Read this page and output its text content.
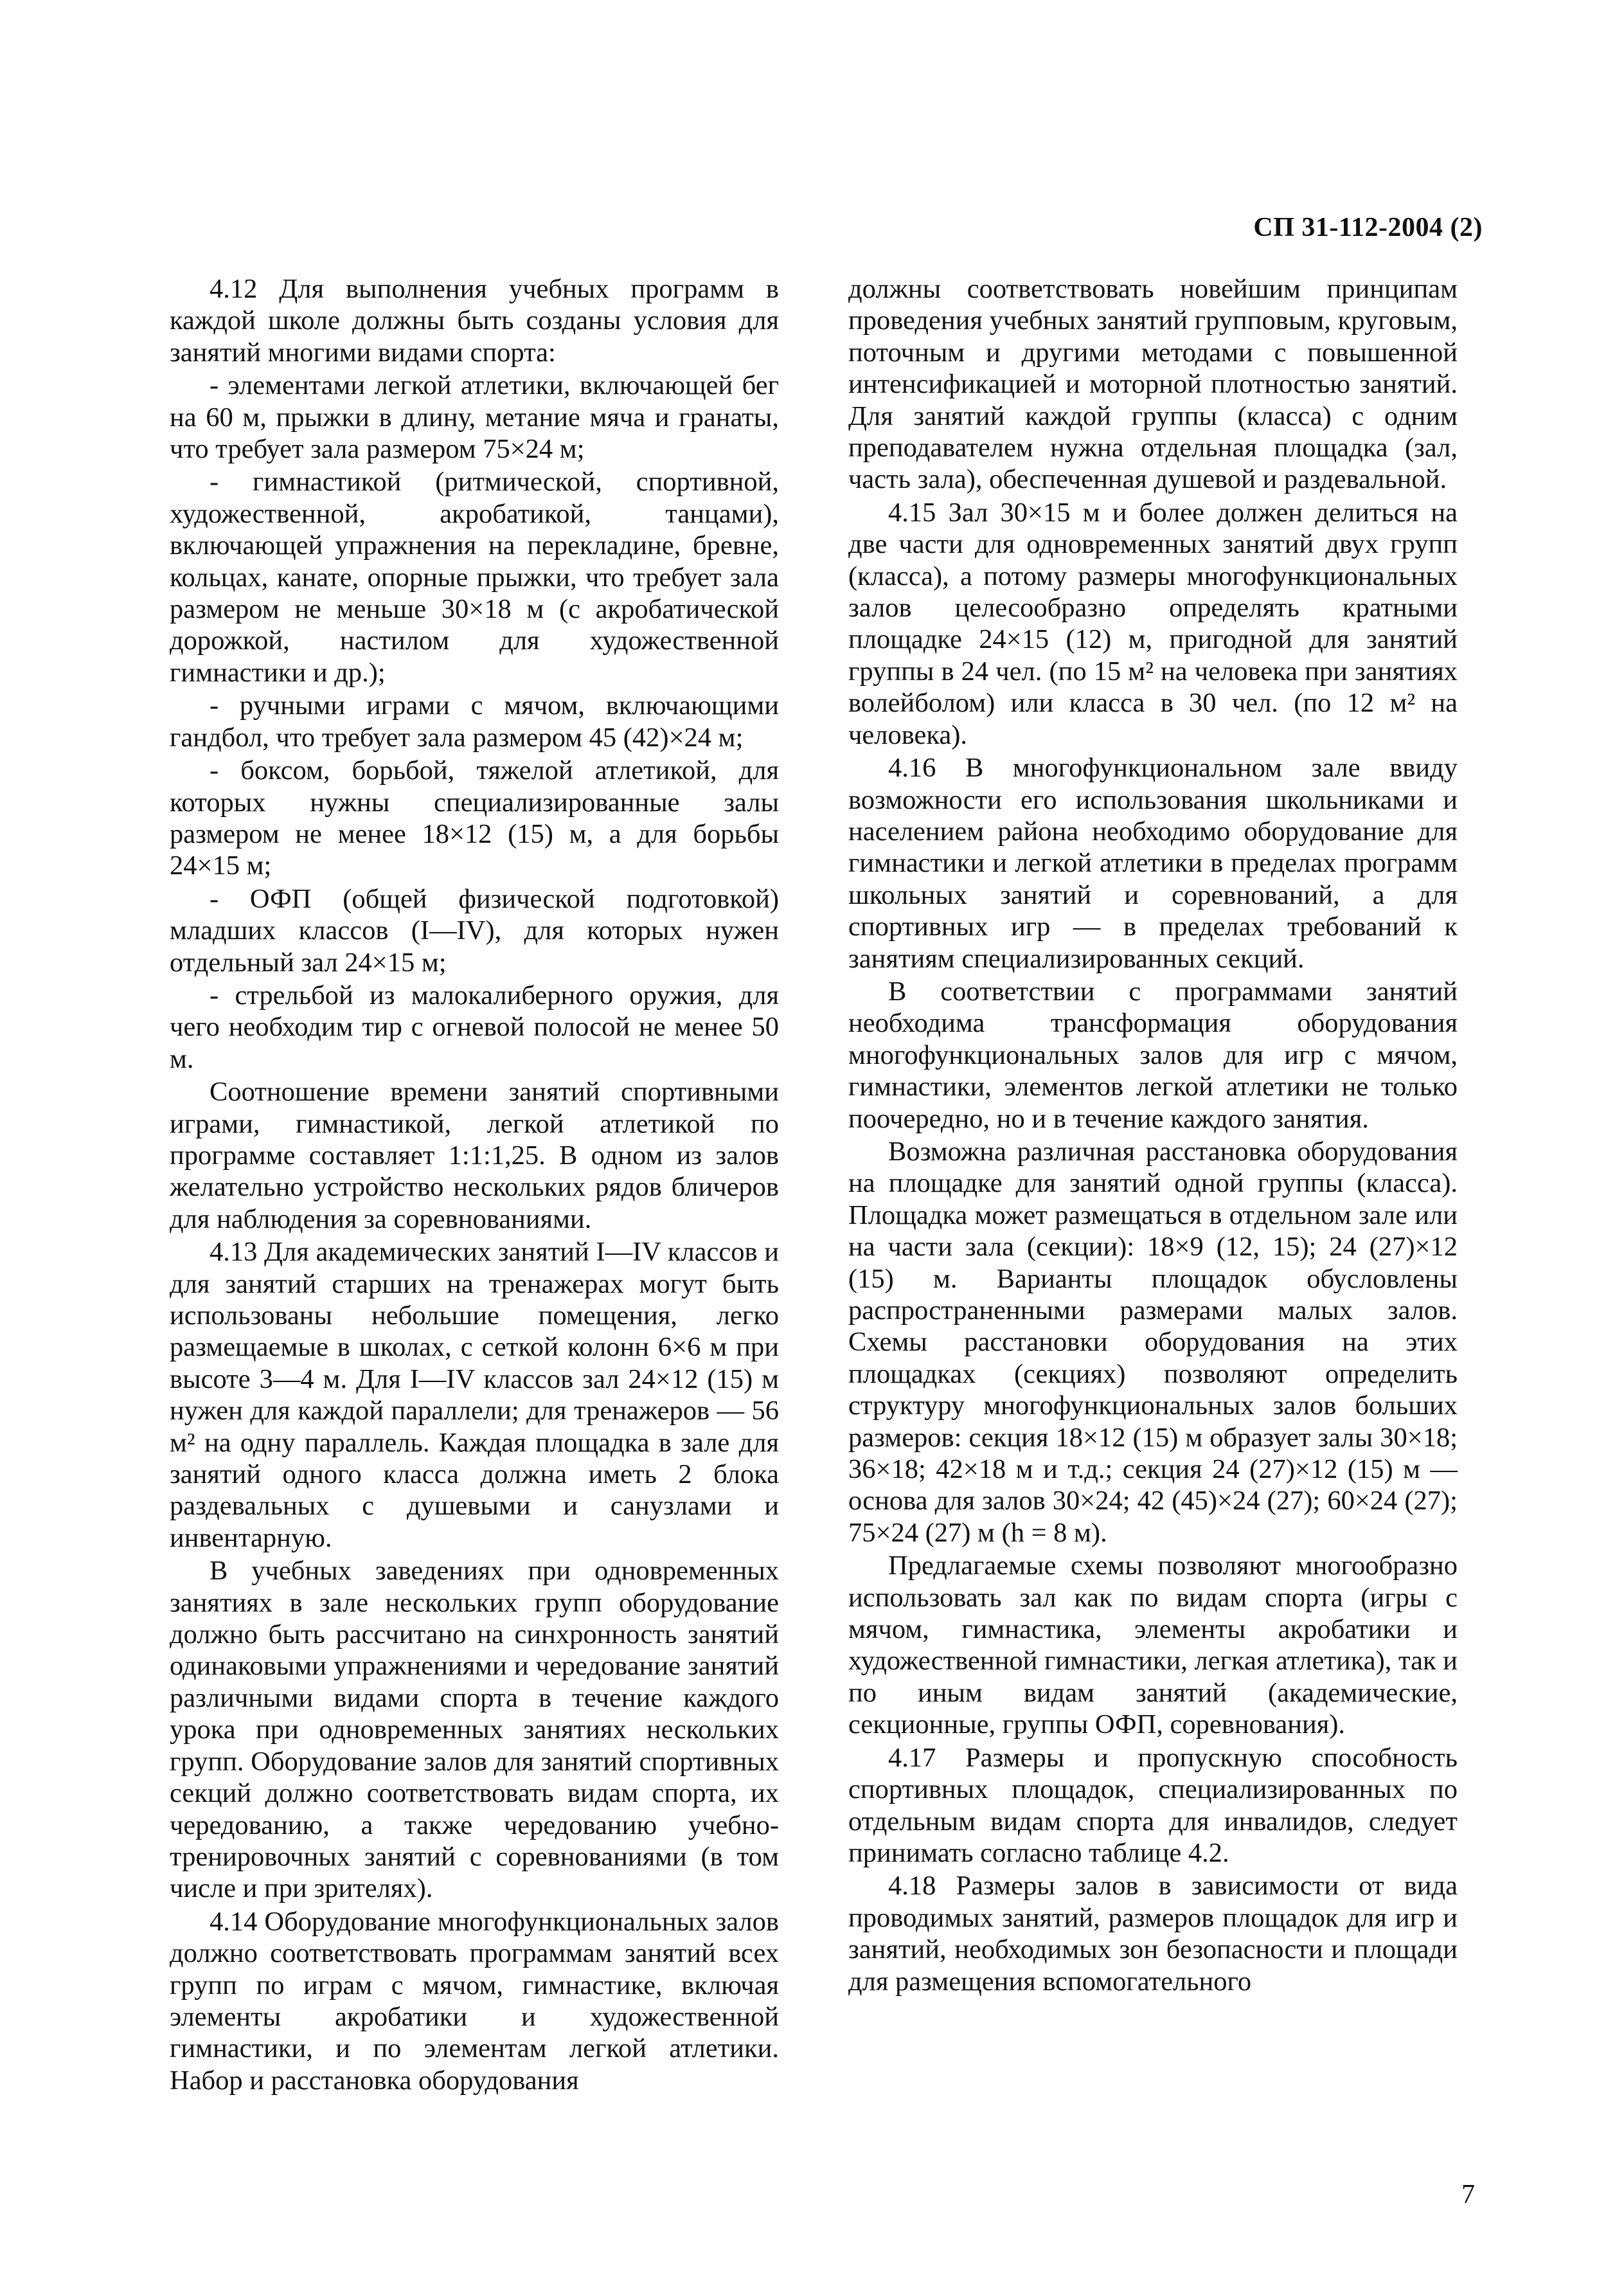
СП 31-112-2004 (2)

4.12 Для выполнения учебных программ в каждой школе должны быть созданы условия для занятий многими видами спорта:

- элементами легкой атлетики, включающей бег на 60 м, прыжки в длину, метание мяча и гранаты, что требует зала размером 75×24 м;

- гимнастикой (ритмической, спортивной, художественной, акробатикой, танцами), включающей упражнения на перекладине, бревне, кольцах, канате, опорные прыжки, что требует зала размером не меньше 30×18 м (с акробатической дорожкой, настилом для художественной гимнастики и др.);

- ручными играми с мячом, включающими гандбол, что требует зала размером 45 (42)×24 м;

- боксом, борьбой, тяжелой атлетикой, для которых нужны специализированные залы размером не менее 18×12 (15) м, а для борьбы 24×15 м;

- ОФП (общей физической подготовкой) младших классов (I—IV), для которых нужен отдельный зал 24×15 м;

- стрельбой из малокалиберного оружия, для чего необходим тир с огневой полосой не менее 50 м.

Соотношение времени занятий спортивными играми, гимнастикой, легкой атлетикой по программе составляет 1:1:1,25. В одном из залов желательно устройство нескольких рядов бличеров для наблюдения за соревнованиями.

4.13 Для академических занятий I—IV классов и для занятий старших на тренажерах могут быть использованы небольшие помещения, легко размещаемые в школах, с сеткой колонн 6×6 м при высоте 3—4 м. Для I—IV классов зал 24×12 (15) м нужен для каждой параллели; для тренажеров — 56 м² на одну параллель. Каждая площадка в зале для занятий одного класса должна иметь 2 блока раздевальных с душевыми и санузлами и инвентарную.

В учебных заведениях при одновременных занятиях в зале нескольких групп оборудование должно быть рассчитано на синхронность занятий одинаковыми упражнениями и чередование занятий различными видами спорта в течение каждого урока при одновременных занятиях нескольких групп. Оборудование залов для занятий спортивных секций должно соответствовать видам спорта, их чередованию, а также чередованию учебно-тренировочных занятий с соревнованиями (в том числе и при зрителях).

4.14 Оборудование многофункциональных залов должно соответствовать программам занятий всех групп по играм с мячом, гимнастике, включая элементы акробатики и художественной гимнастики, и по элементам легкой атлетики. Набор и расстановка оборудования

должны соответствовать новейшим принципам проведения учебных занятий групповым, круговым, поточным и другими методами с повышенной интенсификацией и моторной плотностью занятий. Для занятий каждой группы (класса) с одним преподавателем нужна отдельная площадка (зал, часть зала), обеспеченная душевой и раздевальной.

4.15 Зал 30×15 м и более должен делиться на две части для одновременных занятий двух групп (класса), а потому размеры многофункциональных залов целесообразно определять кратными площадке 24×15 (12) м, пригодной для занятий группы в 24 чел. (по 15 м² на человека при занятиях волейболом) или класса в 30 чел. (по 12 м² на человека).

4.16 В многофункциональном зале ввиду возможности его использования школьниками и населением района необходимо оборудование для гимнастики и легкой атлетики в пределах программ школьных занятий и соревнований, а для спортивных игр — в пределах требований к занятиям специализированных секций.

В соответствии с программами занятий необходима трансформация оборудования многофункциональных залов для игр с мячом, гимнастики, элементов легкой атлетики не только поочередно, но и в течение каждого занятия.

Возможна различная расстановка оборудования на площадке для занятий одной группы (класса). Площадка может размещаться в отдельном зале или на части зала (секции): 18×9 (12, 15); 24 (27)×12 (15) м. Варианты площадок обусловлены распространенными размерами малых залов. Схемы расстановки оборудования на этих площадках (секциях) позволяют определить структуру многофункциональных залов больших размеров: секция 18×12 (15) м образует залы 30×18; 36×18; 42×18 м и т.д.; секция 24 (27)×12 (15) м — основа для залов 30×24; 42 (45)×24 (27); 60×24 (27); 75×24 (27) м (h = 8 м).

Предлагаемые схемы позволяют многообразно использовать зал как по видам спорта (игры с мячом, гимнастика, элементы акробатики и художественной гимнастики, легкая атлетика), так и по иным видам занятий (академические, секционные, группы ОФП, соревнования).

4.17 Размеры и пропускную способность спортивных площадок, специализированных по отдельным видам спорта для инвалидов, следует принимать согласно таблице 4.2.

4.18 Размеры залов в зависимости от вида проводимых занятий, размеров площадок для игр и занятий, необходимых зон безопасности и площади для размещения вспомогательного

7
